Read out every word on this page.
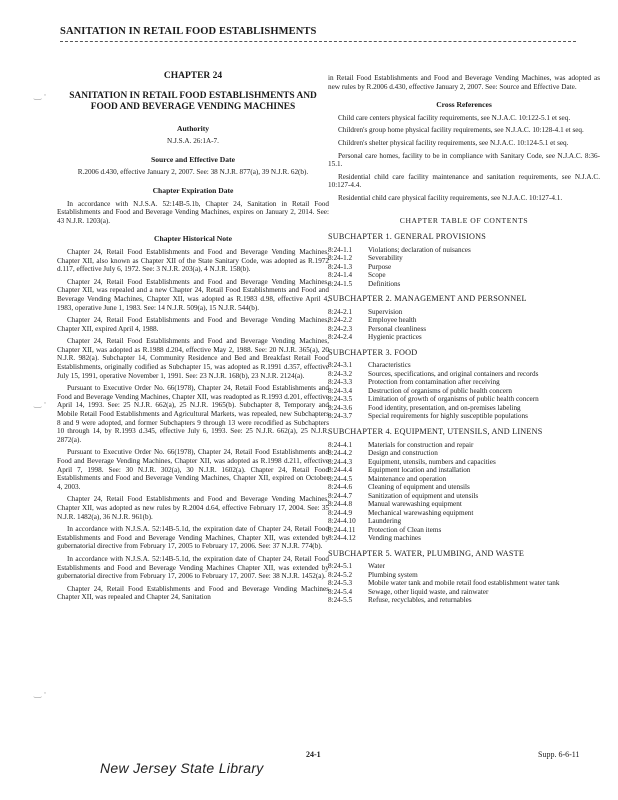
SANITATION IN RETAIL FOOD ESTABLISHMENTS
‿ ·
‿ ·
‿ ·
CHAPTER 24
SANITATION IN RETAIL FOOD ESTABLISHMENTS AND FOOD AND BEVERAGE VENDING MACHINES
Authority

N.J.S.A. 26:1A-7.

Source and Effective Date

R.2006 d.430, effective January 2, 2007. See: 38 N.J.R. 877(a), 39 N.J.R. 62(b).

Chapter Expiration Date

In accordance with N.J.S.A. 52:14B-5.1b, Chapter 24, Sanitation in Retail Food Establishments and Food and Beverage Vending Machines, expires on January 2, 2014. See: 43 N.J.R. 1203(a).

Chapter Historical Note

Chapter 24, Retail Food Establishments and Food and Beverage Vending Machines, Chapter XII, also known as Chapter XII of the State Sanitary Code, was adopted as R.1972 d.117, effective July 6, 1972. See: 3 N.J.R. 203(a), 4 N.J.R. 158(b).

Chapter 24, Retail Food Establishments and Food and Beverage Vending Machines, Chapter XII, was repealed and a new Chapter 24, Retail Food Establishments and Food and Beverage Vending Machines, Chapter XII, was adopted as R.1983 d.98, effective April 4, 1983, operative June 1, 1983. See: 14 N.J.R. 509(a), 15 N.J.R. 544(b).

Chapter 24, Retail Food Establishments and Food and Beverage Vending Machines, Chapter XII, expired April 4, 1988.

Chapter 24, Retail Food Establishments and Food and Beverage Vending Machines, Chapter XII, was adopted as R.1988 d.204, effective May 2, 1988. See: 20 N.J.R. 365(a), 20 N.J.R. 982(a). Subchapter 14, Community Residence and Bed and Breakfast Retail Food Establishments, originally codified as Subchapter 15, was adopted as R.1991 d.357, effective July 15, 1991, operative November 1, 1991. See: 23 N.J.R. 168(b), 23 N.J.R. 2124(a).

Pursuant to Executive Order No. 66(1978), Chapter 24, Retail Food Establishments and Food and Beverage Vending Machines, Chapter XII, was readopted as R.1993 d.201, effective April 14, 1993. See: 25 N.J.R. 662(a), 25 N.J.R. 1965(b). Subchapter 8, Temporary and Mobile Retail Food Establishments and Agricultural Markets, was repealed, new Subchapters 8 and 9 were adopted, and former Subchapters 9 through 13 were recodified as Subchapters 10 through 14, by R.1993 d.345, effective July 6, 1993. See: 25 N.J.R. 662(a), 25 N.J.R. 2872(a).

Pursuant to Executive Order No. 66(1978), Chapter 24, Retail Food Establishments and Food and Beverage Vending Machines, Chapter XII, was adopted as R.1998 d.211, effective April 7, 1998. See: 30 N.J.R. 302(a), 30 N.J.R. 1602(a). Chapter 24, Retail Food Establishments and Food and Beverage Vending Machines, Chapter XII, expired on October 4, 2003.

Chapter 24, Retail Food Establishments and Food and Beverage Vending Machines, Chapter XII, was adopted as new rules by R.2004 d.64, effective February 17, 2004. See: 35 N.J.R. 1482(a), 36 N.J.R. 961(b).

In accordance with N.J.S.A. 52:14B-5.1d, the expiration date of Chapter 24, Retail Food Establishments and Food and Beverage Vending Machines, Chapter XII, was extended by gubernatorial directive from February 17, 2005 to February 17, 2006. See: 37 N.J.R. 774(b).

In accordance with N.J.S.A. 52:14B-5.1d, the expiration date of Chapter 24, Retail Food Establishments and Food and Beverage Vending Machines Chapter XII, was extended by gubernatorial directive from February 17, 2006 to February 17, 2007. See: 38 N.J.R. 1452(a).

Chapter 24, Retail Food Establishments and Food and Beverage Vending Machines Chapter XII, was repealed and Chapter 24, Sanitation

in Retail Food Establishments and Food and Beverage Vending Machines, was adopted as new rules by R.2006 d.430, effective January 2, 2007. See: Source and Effective Date.

Cross References

Child care centers physical facility requirements, see N.J.A.C. 10:122-5.1 et seq.

Children's group home physical facility requirements, see N.J.A.C. 10:128-4.1 et seq.

Children's shelter physical facility requirements, see N.J.A.C. 10:124-5.1 et seq.

Personal care homes, facility to be in compliance with Sanitary Code, see N.J.A.C. 8:36-15.1.

Residential child care facility maintenance and sanitation requirements, see N.J.A.C. 10:127-4.4.

Residential child care physical facility requirements, see N.J.A.C. 10:127-4.1.

CHAPTER TABLE OF CONTENTS
SUBCHAPTER 1. GENERAL PROVISIONS
8:24-1.1	Violations; declaration of nuisances
8:24-1.2	Severability
8:24-1.3	Purpose
8:24-1.4	Scope
8:24-1.5	Definitions
SUBCHAPTER 2. MANAGEMENT AND PERSONNEL
8:24-2.1	Supervision
8:24-2.2	Employee health
8:24-2.3	Personal cleanliness
8:24-2.4	Hygienic practices
SUBCHAPTER 3. FOOD
8:24-3.1	Characteristics
8:24-3.2	Sources, specifications, and original containers and records
8:24-3.3	Protection from contamination after receiving
8:24-3.4	Destruction of organisms of public health concern
8:24-3.5	Limitation of growth of organisms of public health concern
8:24-3.6	Food identity, presentation, and on-premises labeling
8:24-3.7	Special requirements for highly susceptible populations
SUBCHAPTER 4. EQUIPMENT, UTENSILS, AND LINENS
8:24-4.1	Materials for construction and repair
8:24-4.2	Design and construction
8:24-4.3	Equipment, utensils, numbers and capacities
8:24-4.4	Equipment location and installation
8:24-4.5	Maintenance and operation
8:24-4.6	Cleaning of equipment and utensils
8:24-4.7	Sanitization of equipment and utensils
8:24-4.8	Manual warewashing equipment
8:24-4.9	Mechanical warewashing equipment
8:24-4.10	Laundering
8:24-4.11	Protection of Clean items
8:24-4.12	Vending machines
SUBCHAPTER 5. WATER, PLUMBING, AND WASTE
8:24-5.1	Water
8:24-5.2	Plumbing system
8:24-5.3	Mobile water tank and mobile retail food establishment water tank
8:24-5.4	Sewage, other liquid waste, and rainwater
8:24-5.5	Refuse, recyclables, and returnables
24-1	Supp. 6-6-11
New Jersey State Library
